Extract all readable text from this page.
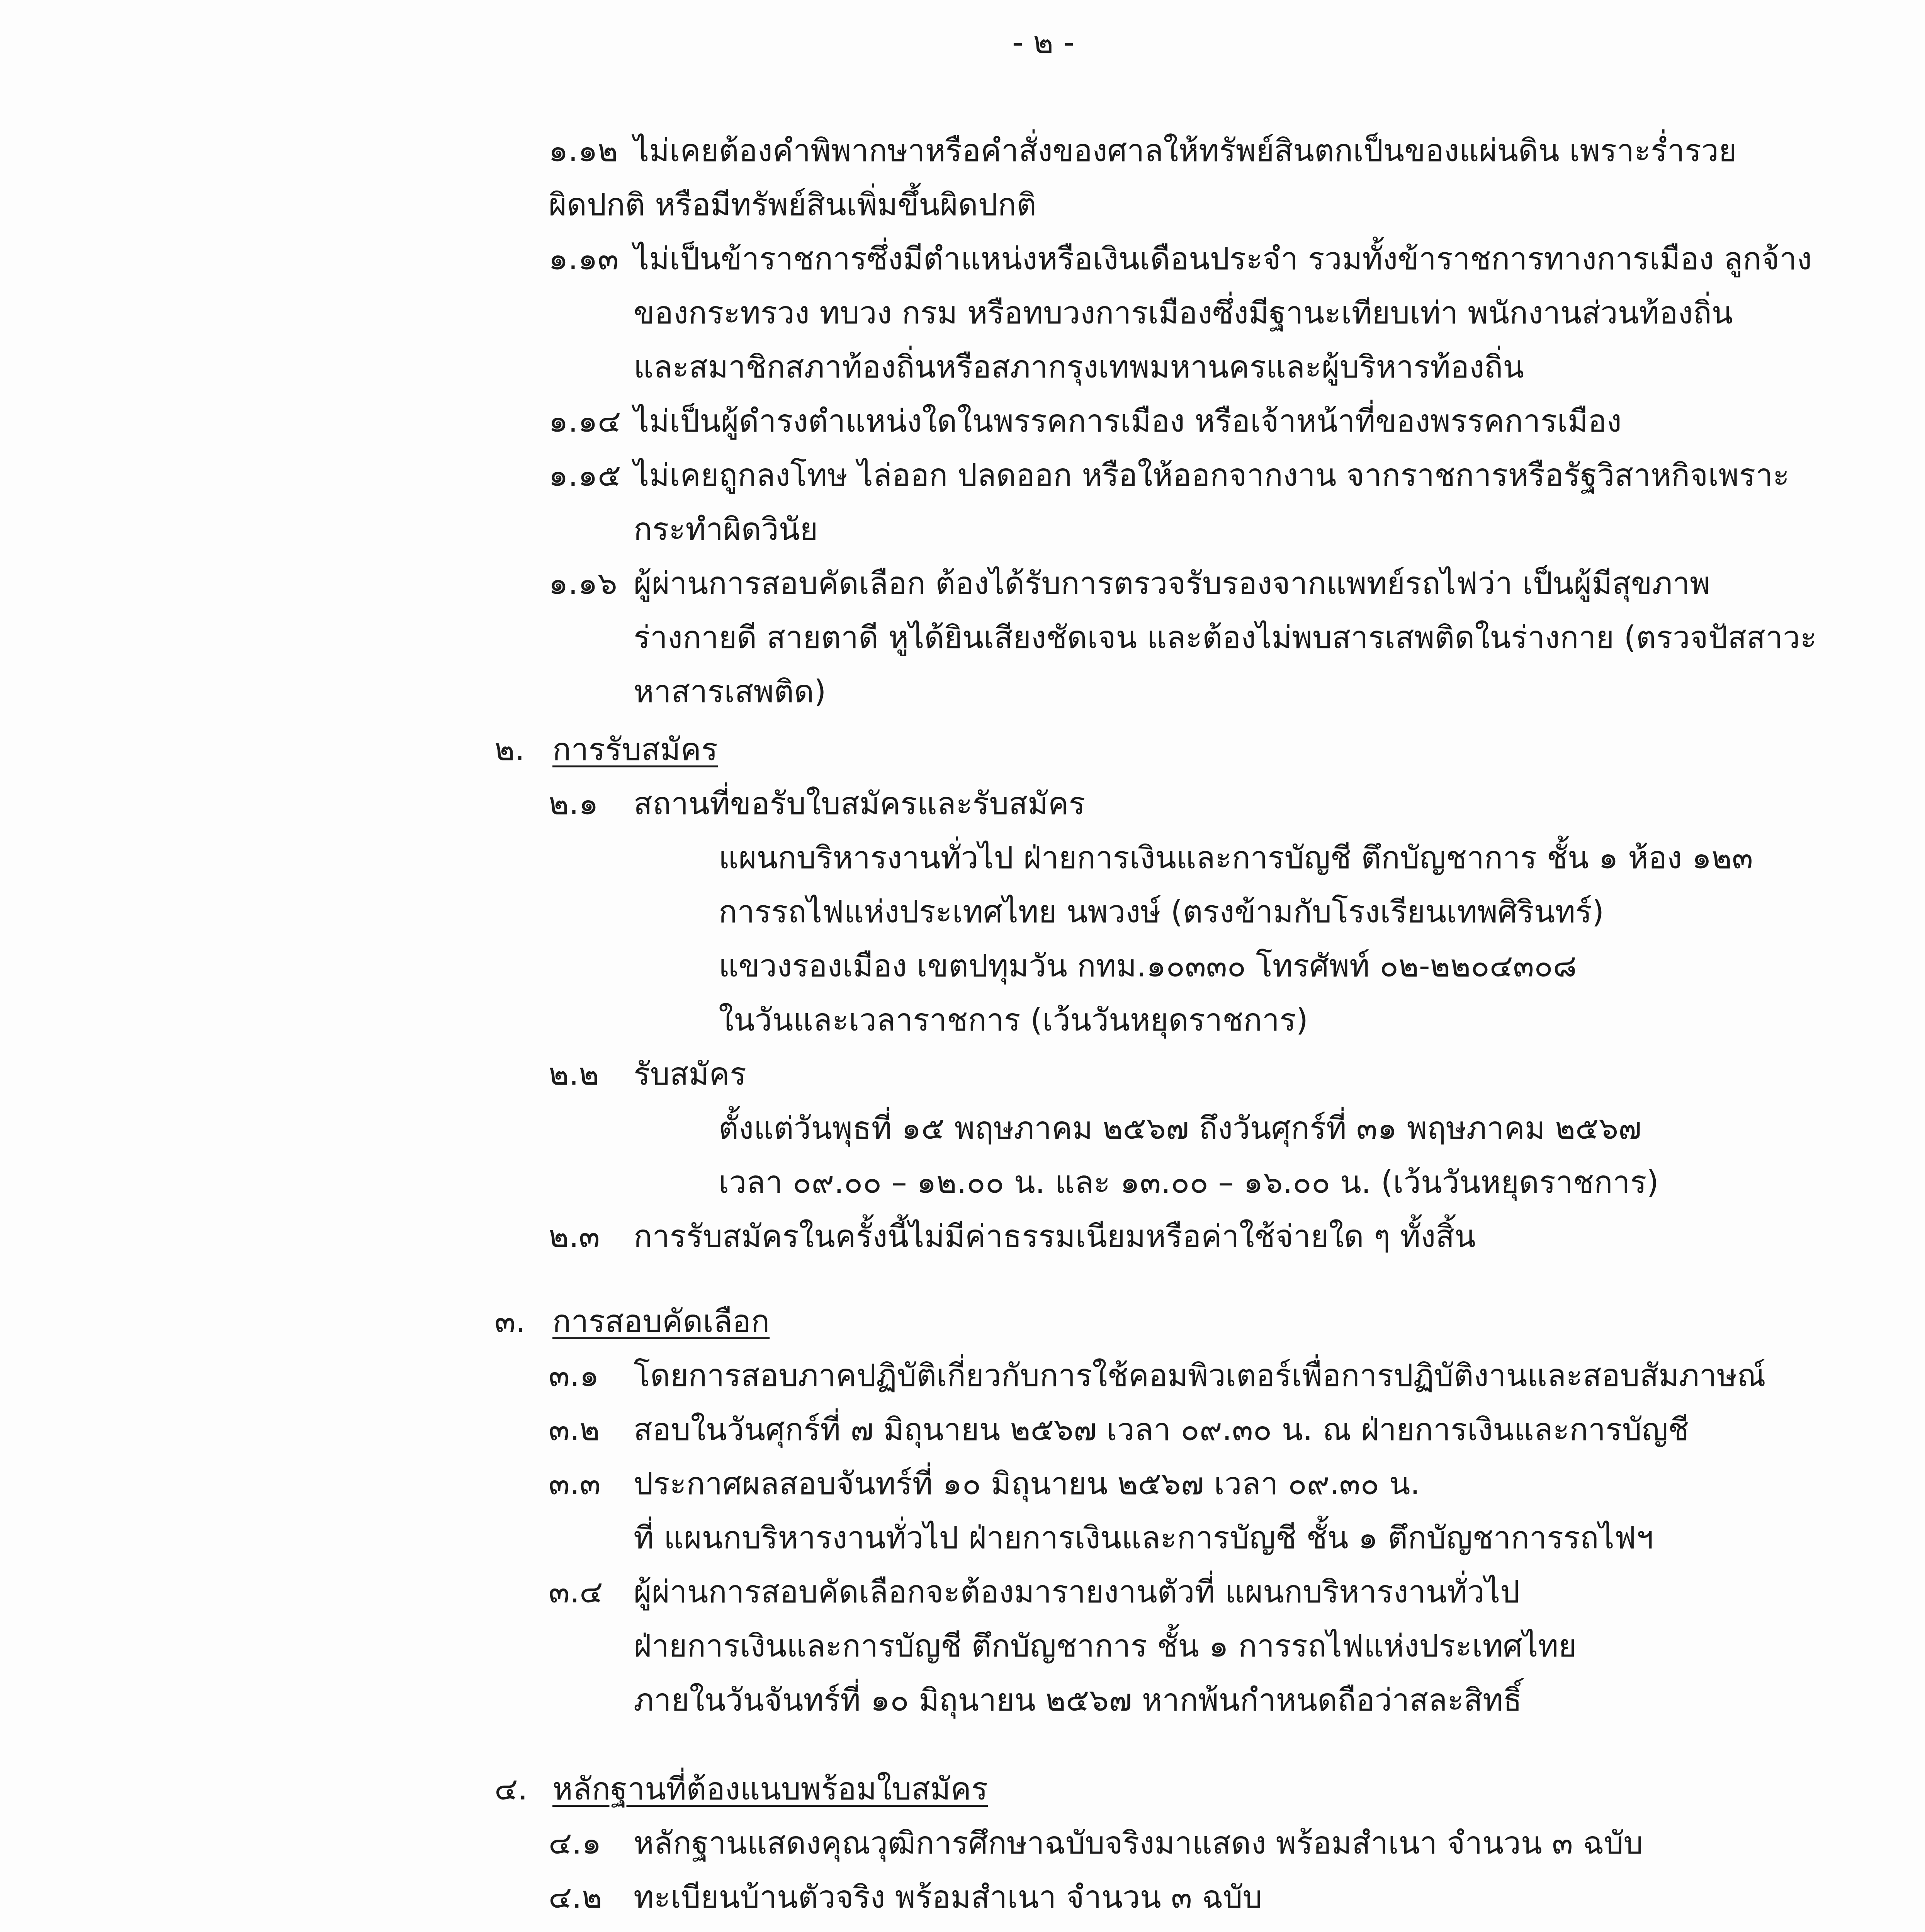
- ๒ -
๑.๑๒ ไม่เคยต้องคำพิพากษาหรือคำสั่งของศาลให้ทรัพย์สินตกเป็นของแผ่นดิน เพราะร่ำรวย
ผิดปกติ หรือมีทรัพย์สินเพิ่มขึ้นผิดปกติ
๑.๑๓ ไม่เป็นข้าราชการซึ่งมีตำแหน่งหรือเงินเดือนประจำ รวมทั้งข้าราชการทางการเมือง ลูกจ้าง
ของกระทรวง ทบวง กรม หรือทบวงการเมืองซึ่งมีฐานะเทียบเท่า พนักงานส่วนท้องถิ่น
และสมาชิกสภาท้องถิ่นหรือสภากรุงเทพมหานครและผู้บริหารท้องถิ่น
๑.๑๔ ไม่เป็นผู้ดำรงตำแหน่งใดในพรรคการเมือง หรือเจ้าหน้าที่ของพรรคการเมือง
๑.๑๕ ไม่เคยถูกลงโทษ ไล่ออก ปลดออก หรือให้ออกจากงาน จากราชการหรือรัฐวิสาหกิจเพราะ
กระทำผิดวินัย
๑.๑๖ ผู้ผ่านการสอบคัดเลือก ต้องได้รับการตรวจรับรองจากแพทย์รถไฟว่า เป็นผู้มีสุขภาพ
ร่างกายดี สายตาดี หูได้ยินเสียงชัดเจน และต้องไม่พบสารเสพติดในร่างกาย (ตรวจปัสสาวะ
หาสารเสพติด)
๒. การรับสมัคร
๒.๑ สถานที่ขอรับใบสมัครและรับสมัคร
แผนกบริหารงานทั่วไป ฝ่ายการเงินและการบัญชี ตึกบัญชาการ ชั้น ๑ ห้อง ๑๒๓
การรถไฟแห่งประเทศไทย นพวงษ์ (ตรงข้ามกับโรงเรียนเทพศิรินทร์)
แขวงรองเมือง เขตปทุมวัน กทม.๑๐๓๓๐ โทรศัพท์ ๐๒-๒๒๐๔๓๐๘
ในวันและเวลาราชการ (เว้นวันหยุดราชการ)
๒.๒ รับสมัคร
ตั้งแต่วันพุธที่ ๑๕ พฤษภาคม ๒๕๖๗ ถึงวันศุกร์ที่ ๓๑ พฤษภาคม ๒๕๖๗
เวลา ๐๙.๐๐ – ๑๒.๐๐ น. และ ๑๓.๐๐ – ๑๖.๐๐ น. (เว้นวันหยุดราชการ)
๒.๓ การรับสมัครในครั้งนี้ไม่มีค่าธรรมเนียมหรือค่าใช้จ่ายใด ๆ ทั้งสิ้น
๓. การสอบคัดเลือก
๓.๑ โดยการสอบภาคปฏิบัติเกี่ยวกับการใช้คอมพิวเตอร์เพื่อการปฏิบัติงานและสอบสัมภาษณ์
๓.๒ สอบในวันศุกร์ที่ ๗ มิถุนายน ๒๕๖๗ เวลา ๐๙.๓๐ น. ณ ฝ่ายการเงินและการบัญชี
๓.๓ ประกาศผลสอบจันทร์ที่ ๑๐ มิถุนายน ๒๕๖๗ เวลา ๐๙.๓๐ น.
ที่ แผนกบริหารงานทั่วไป ฝ่ายการเงินและการบัญชี ชั้น ๑ ตึกบัญชาการรถไฟฯ
๓.๔ ผู้ผ่านการสอบคัดเลือกจะต้องมารายงานตัวที่ แผนกบริหารงานทั่วไป
ฝ่ายการเงินและการบัญชี ตึกบัญชาการ ชั้น ๑ การรถไฟแห่งประเทศไทย
ภายในวันจันทร์ที่ ๑๐ มิถุนายน ๒๕๖๗ หากพ้นกำหนดถือว่าสละสิทธิ์
๔. หลักฐานที่ต้องแนบพร้อมใบสมัคร
๔.๑ หลักฐานแสดงคุณวุฒิการศึกษาฉบับจริงมาแสดง พร้อมสำเนา จำนวน ๓ ฉบับ
๔.๒ ทะเบียนบ้านตัวจริง พร้อมสำเนา จำนวน ๓ ฉบับ
